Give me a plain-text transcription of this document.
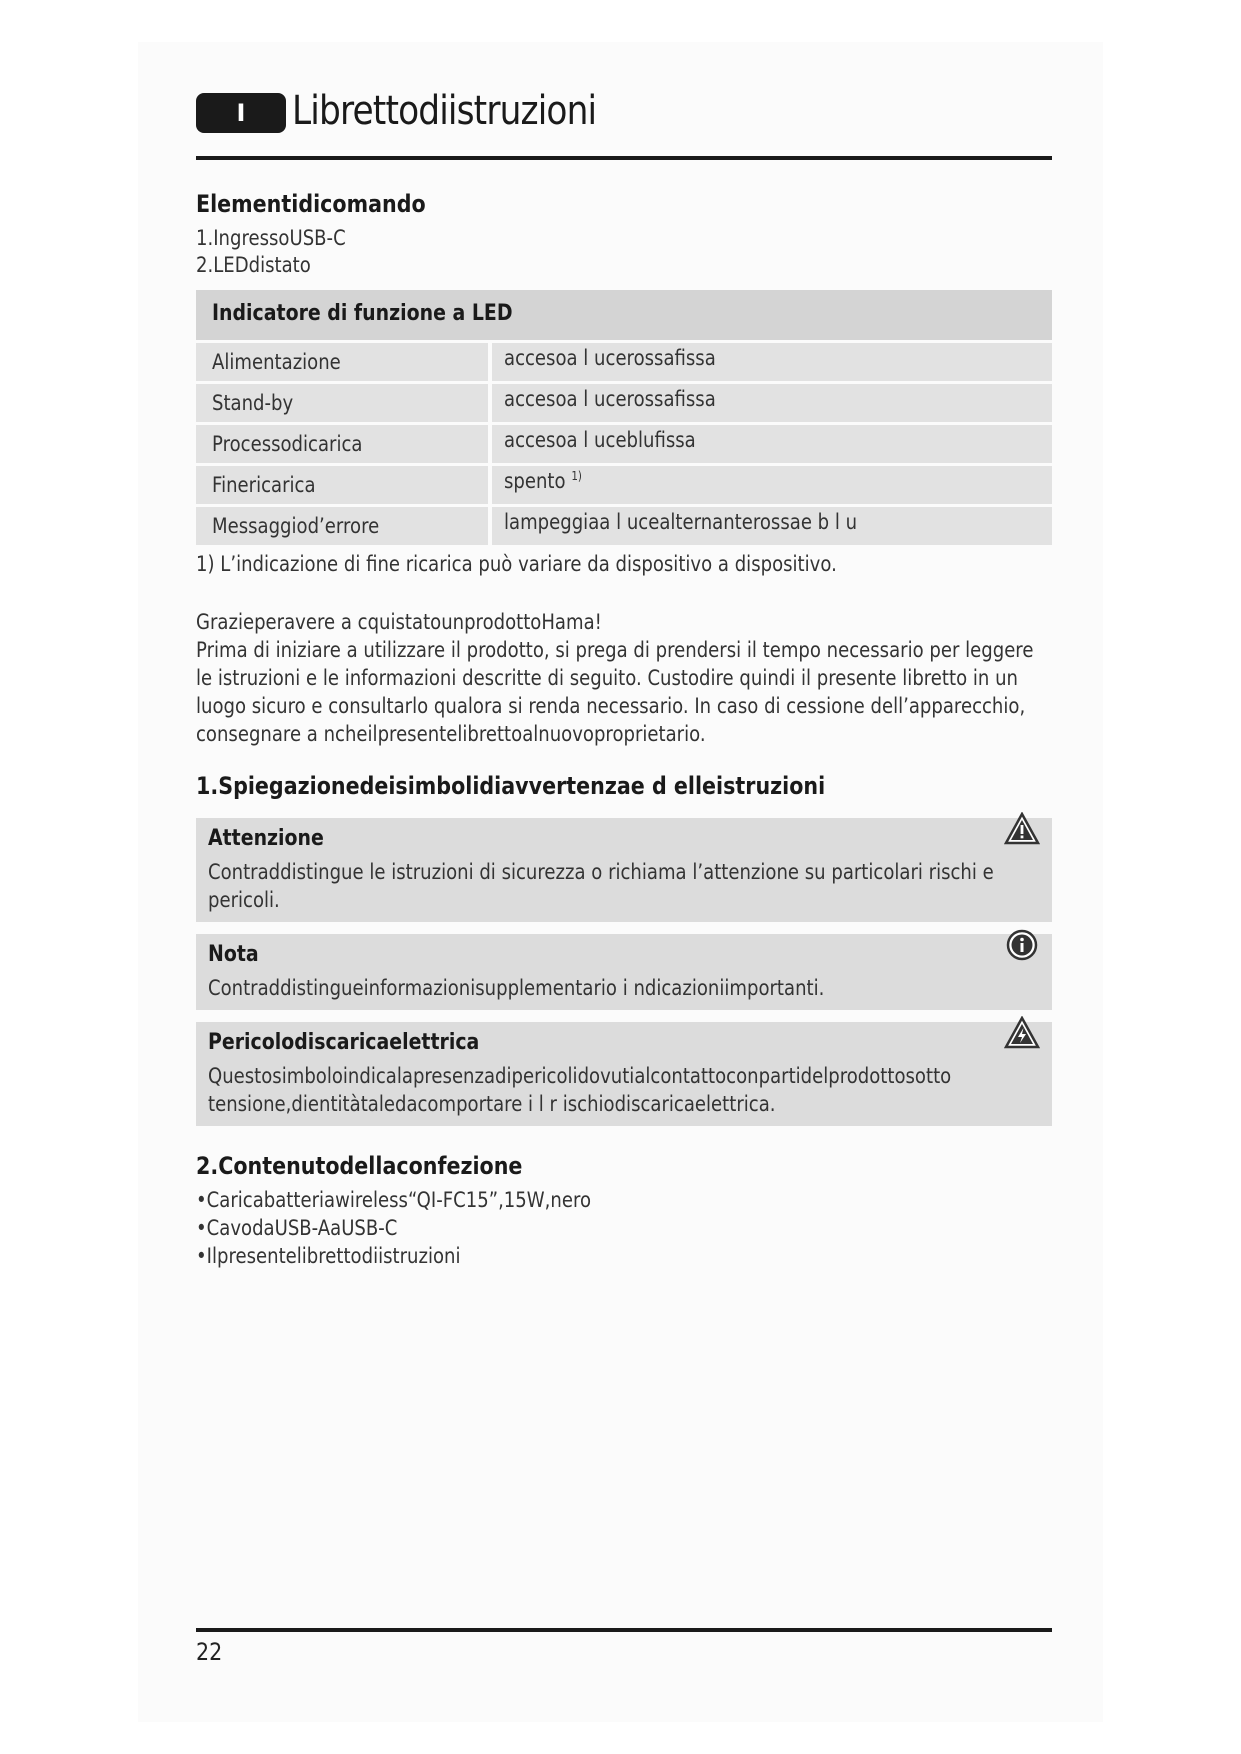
I	Librettodiistruzioni
Elementidicomando
1.IngressoUSB-C
2.LEDdistato
Indicatore di funzione a LED
Alimentazione	accesoa l ucerossafissa
Stand-by	accesoa l ucerossafissa
Processodicarica	accesoa l uceblufissa
Finericarica	spento $^{1)}$
Messaggiod’errore	lampeggiaa l ucealternanterossae b l u
1) L’indicazione di fine ricarica può variare da dispositivo a dispositivo.
Grazieperavere a cquistatounprodottoHama!
Prima di iniziare a utilizzare il prodotto, si prega di prendersi il tempo necessario per leggere
le istruzioni e le informazioni descritte di seguito. Custodire quindi il presente libretto in un
luogo sicuro e consultarlo qualora si renda necessario. In caso di cessione dell’apparecchio,
consegnare a ncheilpresentelibrettoalnuovoproprietario.
1.Spiegazionedeisimbolidiavvertenzae d elleistruzioni
Attenzione
Contraddistingue le istruzioni di sicurezza o richiama l’attenzione su particolari rischi e
pericoli.
Nota
Contraddistingueinformazionisupplementario i ndicazioniimportanti.
Pericolodiscaricaelettrica
Questosimboloindicalapresenzadipericolidovutialcontattoconpartidelprodottosotto
tensione,dientitàtaledacomportare i l r ischiodiscaricaelettrica.
2.Contenutodellaconfezione
•Caricabatteriawireless“QI-FC15”,15W,nero
•CavodaUSB-AaUSB-C
•Ilpresentelibrettodiistruzioni
22
